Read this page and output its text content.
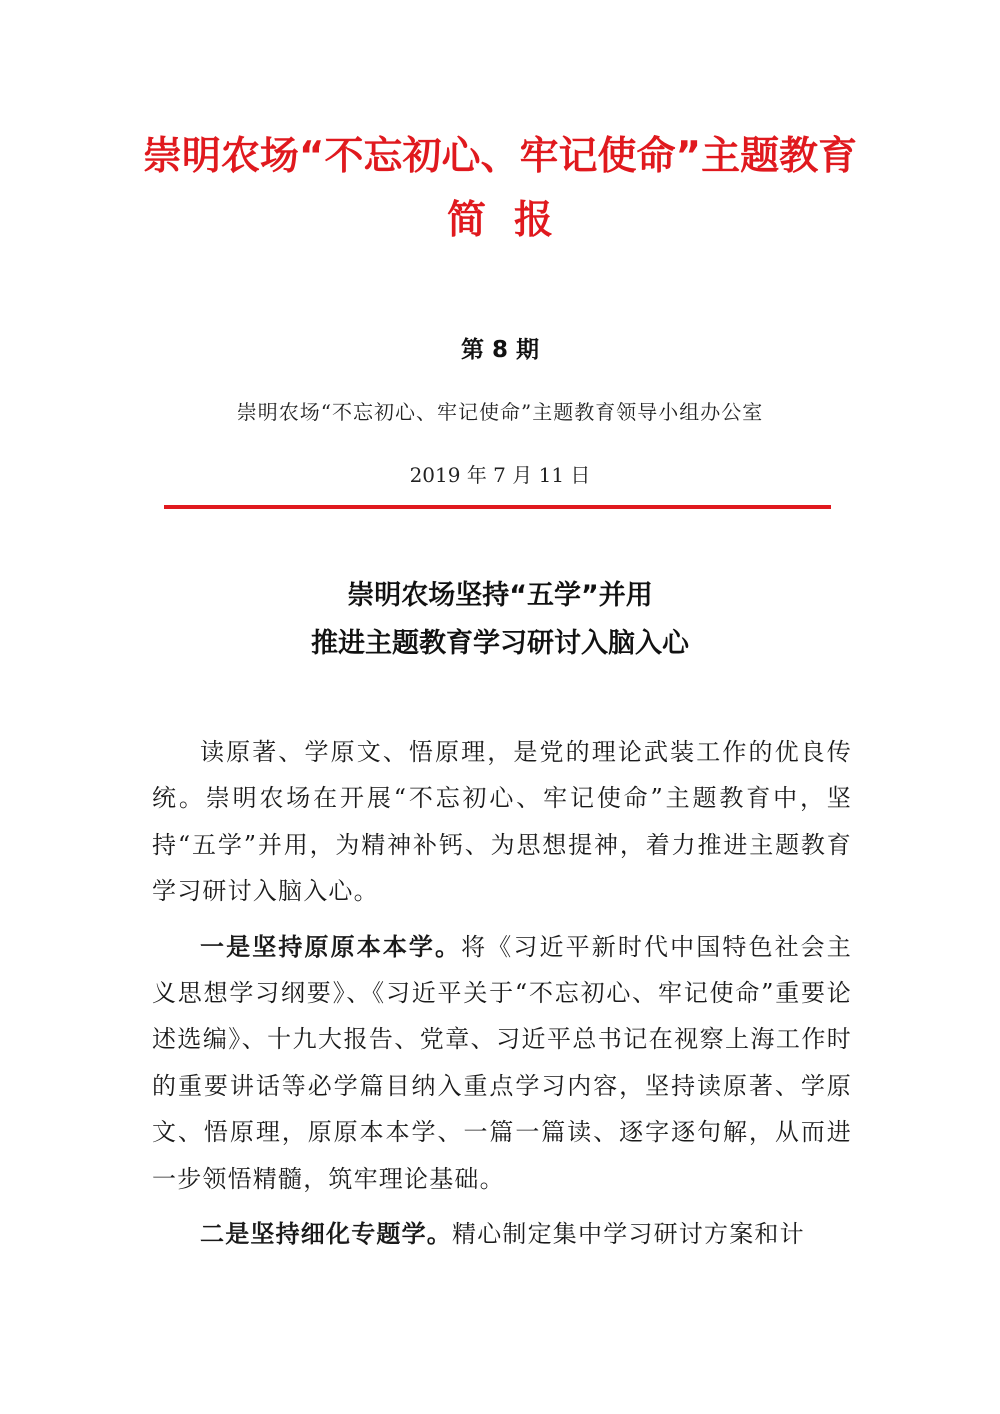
崇明农场“不忘初心、牢记使命”主题教育
简报
第 8 期
崇明农场“不忘初心、牢记使命”主题教育领导小组办公室
2019 年 7 月 11 日
崇明农场坚持“五学”并用
推进主题教育学习研讨入脑入心

读原著、学原文、悟原理，是党的理论武装工作的优良传统。崇明农场在开展“不忘初心、牢记使命”主题教育中，坚持“五学”并用，为精神补钙、为思想提神，着力推进主题教育学习研讨入脑入心。

一是坚持原原本本学。将《习近平新时代中国特色社会主义思想学习纲要》、《习近平关于“不忘初心、牢记使命”重要论述选编》、十九大报告、党章、习近平总书记在视察上海工作时的重要讲话等必学篇目纳入重点学习内容，坚持读原著、学原文、悟原理，原原本本学、一篇一篇读、逐字逐句解，从而进一步领悟精髓，筑牢理论基础。

二是坚持细化专题学。精心制定集中学习研讨方案和计
